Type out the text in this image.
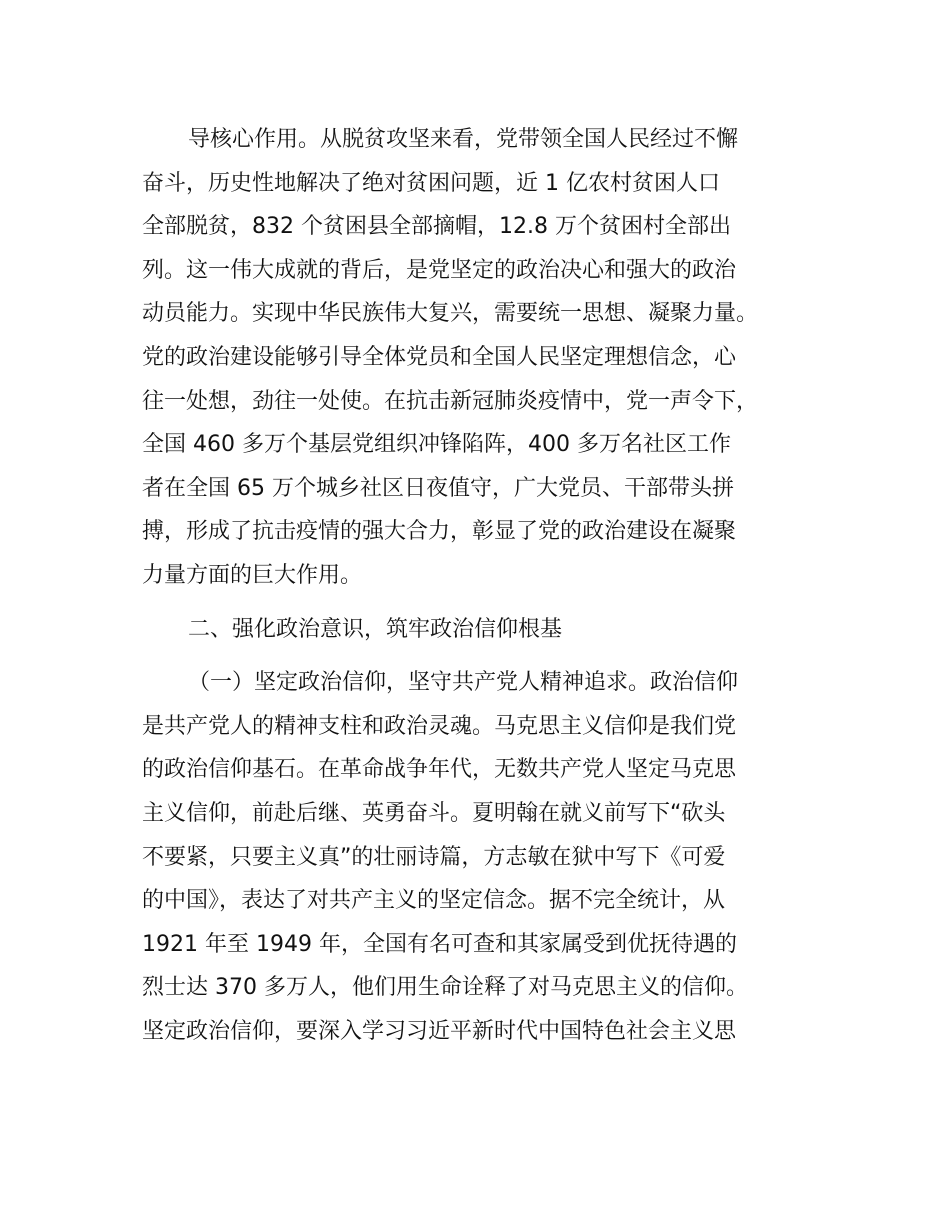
导核心作用。从脱贫攻坚来看，党带领全国人民经过不懈
奋斗，历史性地解决了绝对贫困问题，近 1 亿农村贫困人口
全部脱贫，832 个贫困县全部摘帽，12.8 万个贫困村全部出
列。这一伟大成就的背后，是党坚定的政治决心和强大的政治
动员能力。实现中华民族伟大复兴，需要统一思想、凝聚力量。
党的政治建设能够引导全体党员和全国人民坚定理想信念，心
往一处想，劲往一处使。在抗击新冠肺炎疫情中，党一声令下，
全国 460 多万个基层党组织冲锋陷阵，400 多万名社区工作
者在全国 65 万个城乡社区日夜值守，广大党员、干部带头拼
搏，形成了抗击疫情的强大合力，彰显了党的政治建设在凝聚
力量方面的巨大作用。
二、强化政治意识，筑牢政治信仰根基
（一）坚定政治信仰，坚守共产党人精神追求。政治信仰
是共产党人的精神支柱和政治灵魂。马克思主义信仰是我们党
的政治信仰基石。在革命战争年代，无数共产党人坚定马克思
主义信仰，前赴后继、英勇奋斗。夏明翰在就义前写下“砍头
不要紧，只要主义真”的壮丽诗篇，方志敏在狱中写下《可爱
的中国》，表达了对共产主义的坚定信念。据不完全统计，从
1921 年至 1949 年，全国有名可查和其家属受到优抚待遇的
烈士达 370 多万人，他们用生命诠释了对马克思主义的信仰。
坚定政治信仰，要深入学习习近平新时代中国特色社会主义思
